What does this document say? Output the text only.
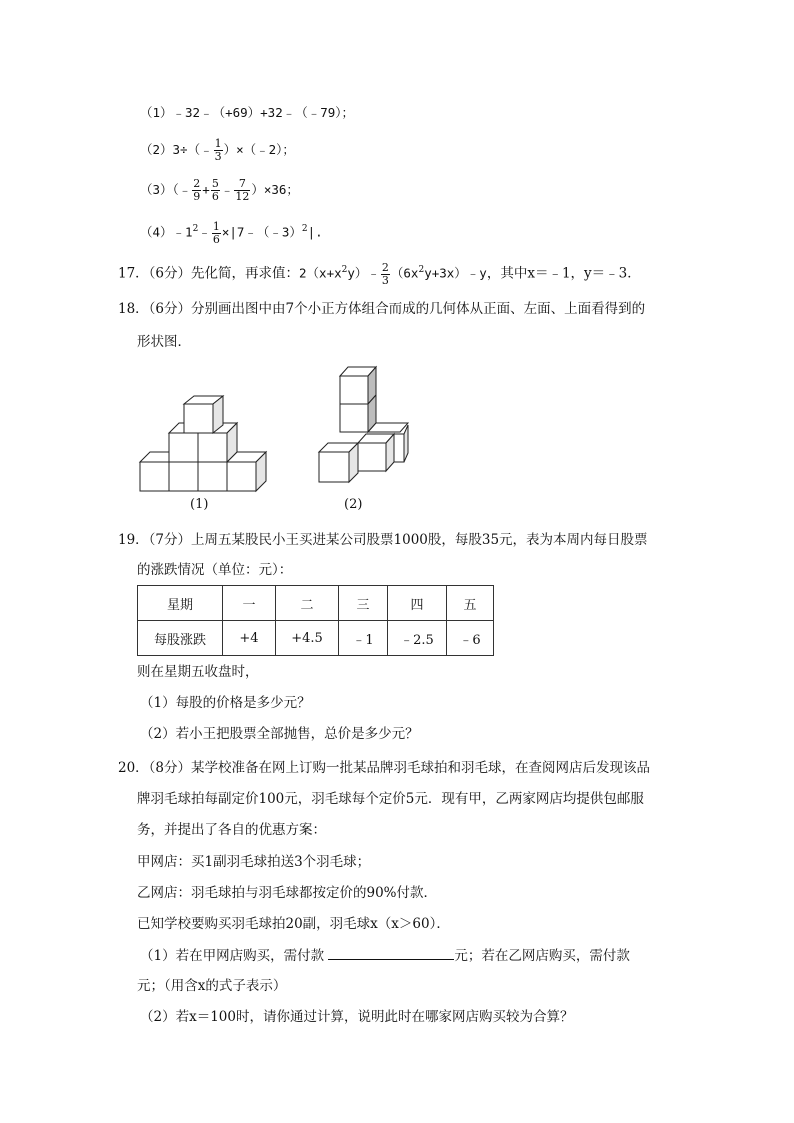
（1）﹣32﹣（+69）+32﹣（﹣79）；
（2）3÷（﹣ $\frac{1}{3}$ ）×（﹣2）；
（3）（﹣ $\frac{2}{9} + \frac{5}{6}$ ﹣ $\frac{7}{12} )\times 36$；
$(4)﹣1^2﹣ \frac{1}{6}$ ×|7﹣（﹣3）$^2$|.
17．（6分）先化简，再求值：$2(x+x^2y)﹣ \frac{2}{3}$ $(6x^2y+3x)﹣y$，其中x＝﹣1，y＝﹣3．
18．（6分）分别画出图中由7个小正方体组合而成的几何体从正面、左面、上面看得到的
形状图．
(1)	(2)
19．（7分）上周五某股民小王买进某公司股票1000股，每股35元，表为本周内每日股票
的涨跌情况（单位：元）：
星期	一	二	三	四	五
每股涨跌	+4	+4.5	﹣1	﹣2.5	﹣6
则在星期五收盘时，
（1）每股的价格是多少元？
（2）若小王把股票全部抛售，总价是多少元？
20．（8分）某学校准备在网上订购一批某品牌羽毛球拍和羽毛球，在查阅网店后发现该品
牌羽毛球拍每副定价100元，羽毛球每个定价5元．现有甲，乙两家网店均提供包邮服
务，并提出了各自的优惠方案：
甲网店：买1副羽毛球拍送3个羽毛球；
乙网店：羽毛球拍与羽毛球都按定价的90%付款．
已知学校要购买羽毛球拍20副，羽毛球x（x＞60）．
（1）若在甲网店购买，需付款	元；若在乙网店购买，需付款
元；（用含x的式子表示）
（2）若x＝100时，请你通过计算，说明此时在哪家网店购买较为合算？
